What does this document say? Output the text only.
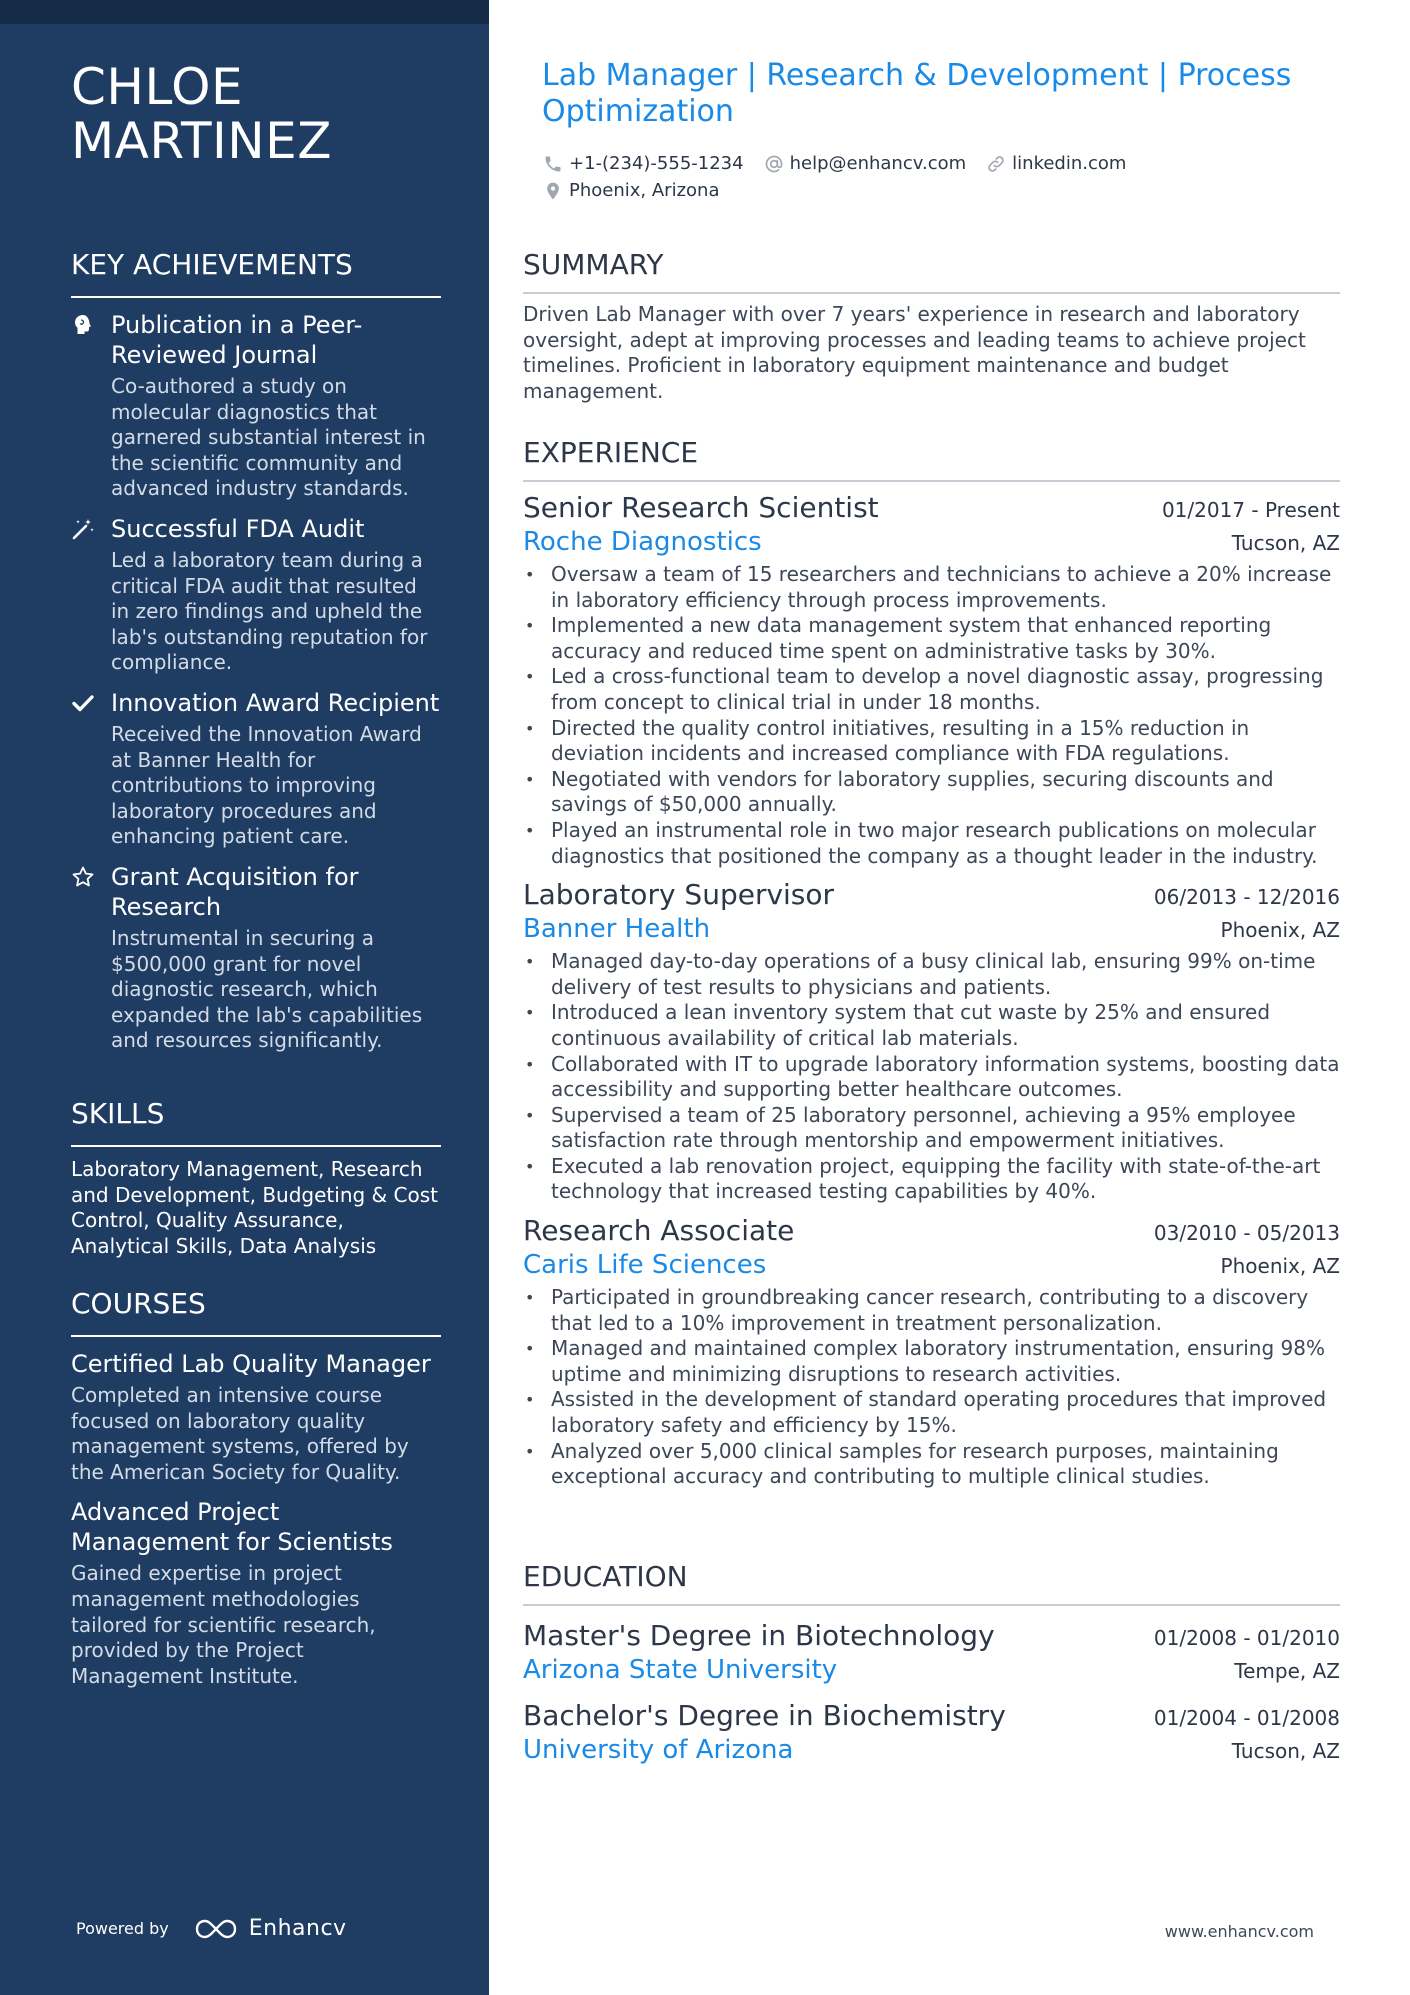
CHLOE MARTINEZ
KEY ACHIEVEMENTS
Publication in a Peer-Reviewed Journal
Co-authored a study on molecular diagnostics that garnered substantial interest in the scientific community and advanced industry standards.
Successful FDA Audit
Led a laboratory team during a critical FDA audit that resulted in zero findings and upheld the lab's outstanding reputation for compliance.
Innovation Award Recipient
Received the Innovation Award at Banner Health for contributions to improving laboratory procedures and enhancing patient care.
Grant Acquisition for Research
Instrumental in securing a $500,000 grant for novel diagnostic research, which expanded the lab's capabilities and resources significantly.
SKILLS
Laboratory Management, Research and Development, Budgeting & Cost Control, Quality Assurance, Analytical Skills, Data Analysis
COURSES
Certified Lab Quality Manager
Completed an intensive course focused on laboratory quality management systems, offered by the American Society for Quality.
Advanced Project Management for Scientists
Gained expertise in project management methodologies tailored for scientific research, provided by the Project Management Institute.
Powered by	Enhancv
Lab Manager | Research & Development | Process Optimization
+1-(234)-555-1234	help@enhancv.com	linkedin.com
Phoenix, Arizona
SUMMARY
Driven Lab Manager with over 7 years' experience in research and laboratory oversight, adept at improving processes and leading teams to achieve project timelines. Proficient in laboratory equipment maintenance and budget management.
EXPERIENCE
Senior Research Scientist	01/2017 - Present
Roche Diagnostics	Tucson, AZ
• Oversaw a team of 15 researchers and technicians to achieve a 20% increase in laboratory efficiency through process improvements.
• Implemented a new data management system that enhanced reporting accuracy and reduced time spent on administrative tasks by 30%.
• Led a cross-functional team to develop a novel diagnostic assay, progressing from concept to clinical trial in under 18 months.
• Directed the quality control initiatives, resulting in a 15% reduction in deviation incidents and increased compliance with FDA regulations.
• Negotiated with vendors for laboratory supplies, securing discounts and savings of $50,000 annually.
• Played an instrumental role in two major research publications on molecular diagnostics that positioned the company as a thought leader in the industry.
Laboratory Supervisor	06/2013 - 12/2016
Banner Health	Phoenix, AZ
• Managed day-to-day operations of a busy clinical lab, ensuring 99% on-time delivery of test results to physicians and patients.
• Introduced a lean inventory system that cut waste by 25% and ensured continuous availability of critical lab materials.
• Collaborated with IT to upgrade laboratory information systems, boosting data accessibility and supporting better healthcare outcomes.
• Supervised a team of 25 laboratory personnel, achieving a 95% employee satisfaction rate through mentorship and empowerment initiatives.
• Executed a lab renovation project, equipping the facility with state-of-the-art technology that increased testing capabilities by 40%.
Research Associate	03/2010 - 05/2013
Caris Life Sciences	Phoenix, AZ
• Participated in groundbreaking cancer research, contributing to a discovery that led to a 10% improvement in treatment personalization.
• Managed and maintained complex laboratory instrumentation, ensuring 98% uptime and minimizing disruptions to research activities.
• Assisted in the development of standard operating procedures that improved laboratory safety and efficiency by 15%.
• Analyzed over 5,000 clinical samples for research purposes, maintaining exceptional accuracy and contributing to multiple clinical studies.
EDUCATION
Master's Degree in Biotechnology	01/2008 - 01/2010
Arizona State University	Tempe, AZ
Bachelor's Degree in Biochemistry	01/2004 - 01/2008
University of Arizona	Tucson, AZ
www.enhancv.com
